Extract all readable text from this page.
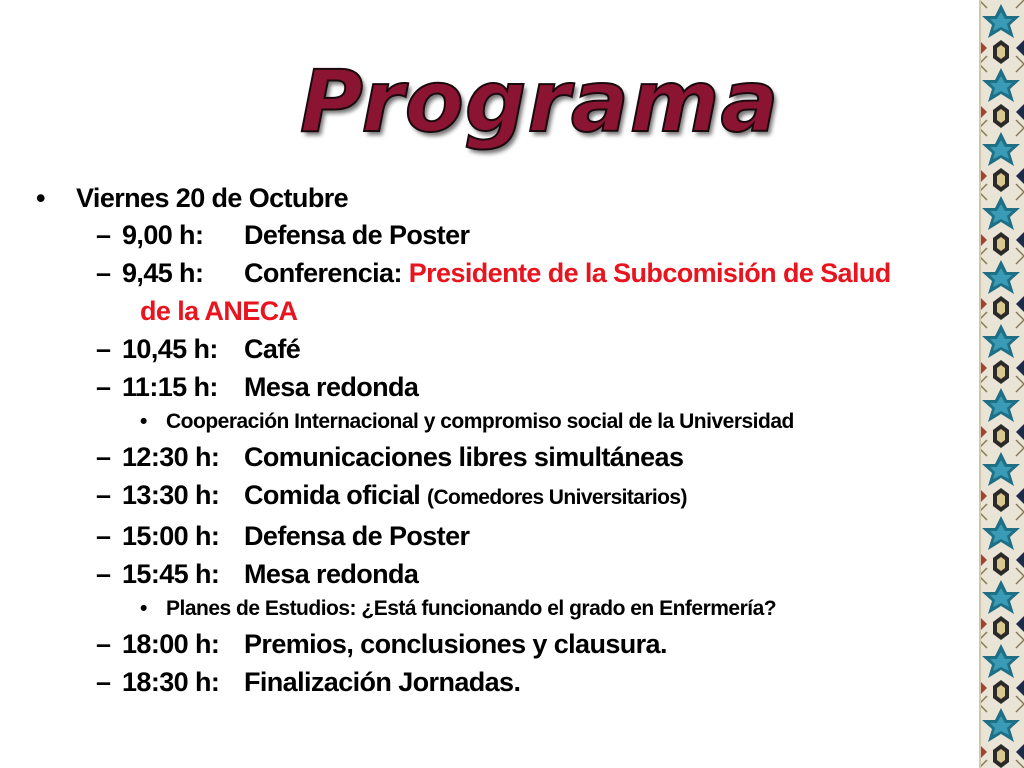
Programa
• Viernes 20 de Octubre
– 9,00 h: Defensa de Poster
– 9,45 h: Conferencia: Presidente de la Subcomisión de Salud
de la ANECA
– 10,45 h: Café
– 11:15 h: Mesa redonda
• Cooperación Internacional y compromiso social de la Universidad
– 12:30 h: Comunicaciones libres simultáneas
– 13:30 h: Comida oficial (Comedores Universitarios)
– 15:00 h: Defensa de Poster
– 15:45 h: Mesa redonda
• Planes de Estudios: ¿Está funcionando el grado en Enfermería?
– 18:00 h: Premios, conclusiones y clausura.
– 18:30 h: Finalización Jornadas.
